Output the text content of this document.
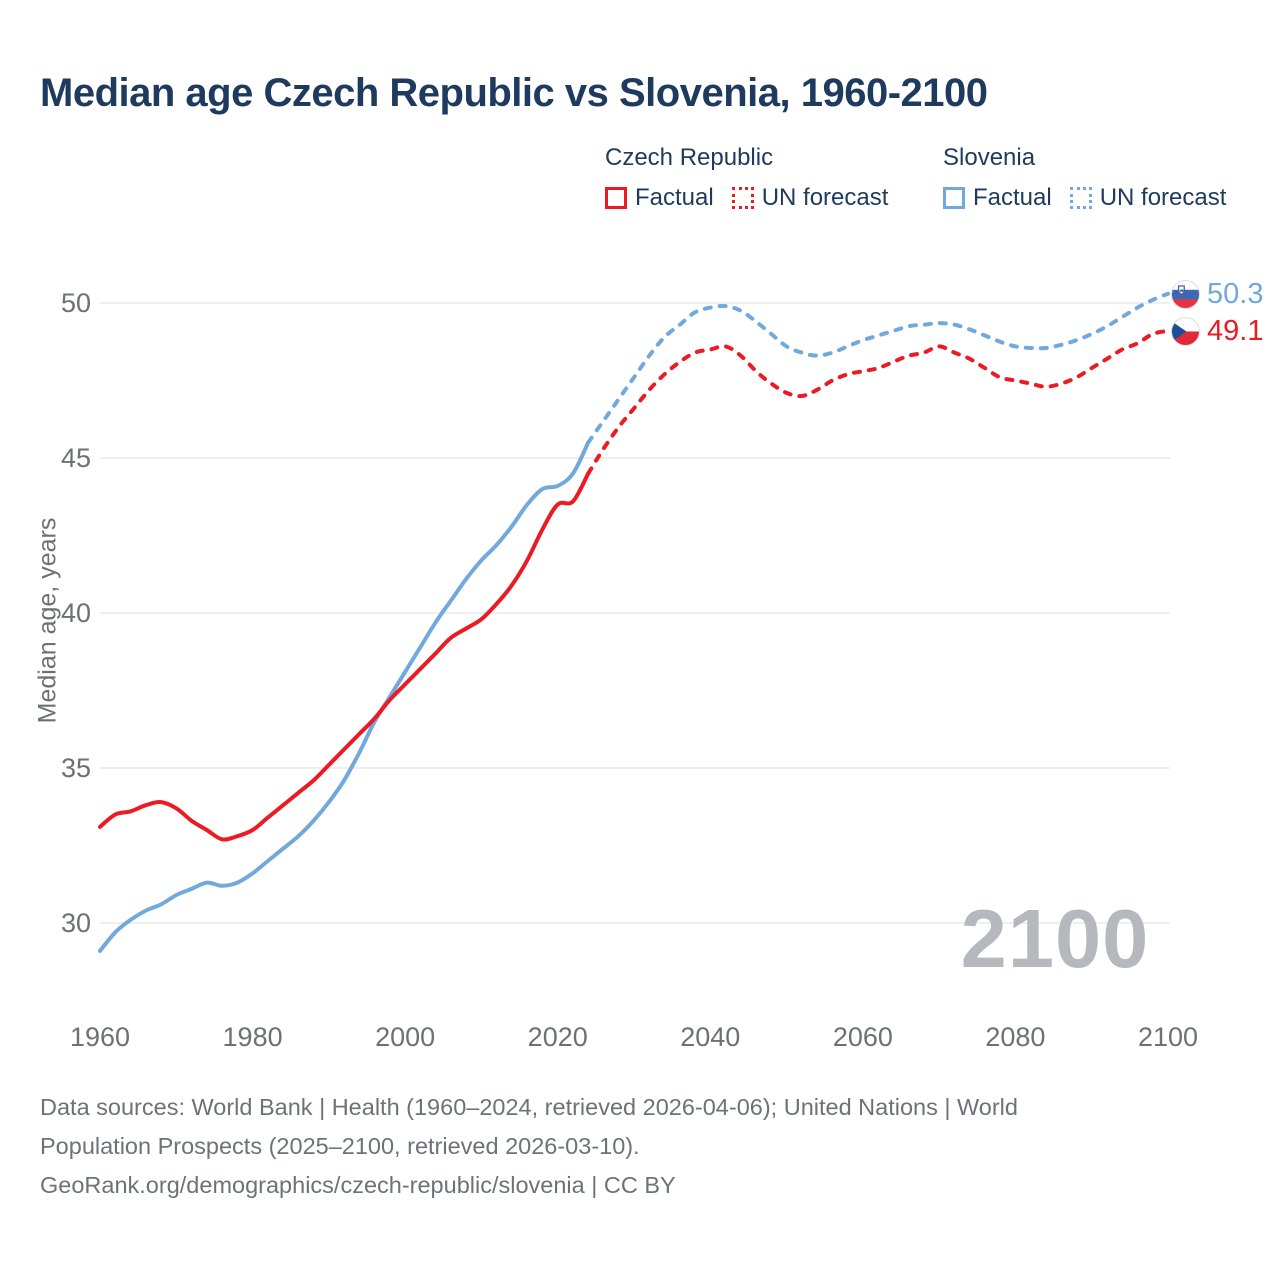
Median age Czech Republic vs Slovenia, 1960-2100
Czech Republic	Slovenia
Factual UN forecast	Factual UN forecast
30
35
40
45
50
1960	1980	2000	2020	2040	2060	2080	2100
2100
Median age, years
50.3
49.1
Data sources: World Bank | Health (1960–2024, retrieved 2026-04-06); United Nations | World
Population Prospects (2025–2100, retrieved 2026-03-10).
GeoRank.org/demographics/czech-republic/slovenia | CC BY
